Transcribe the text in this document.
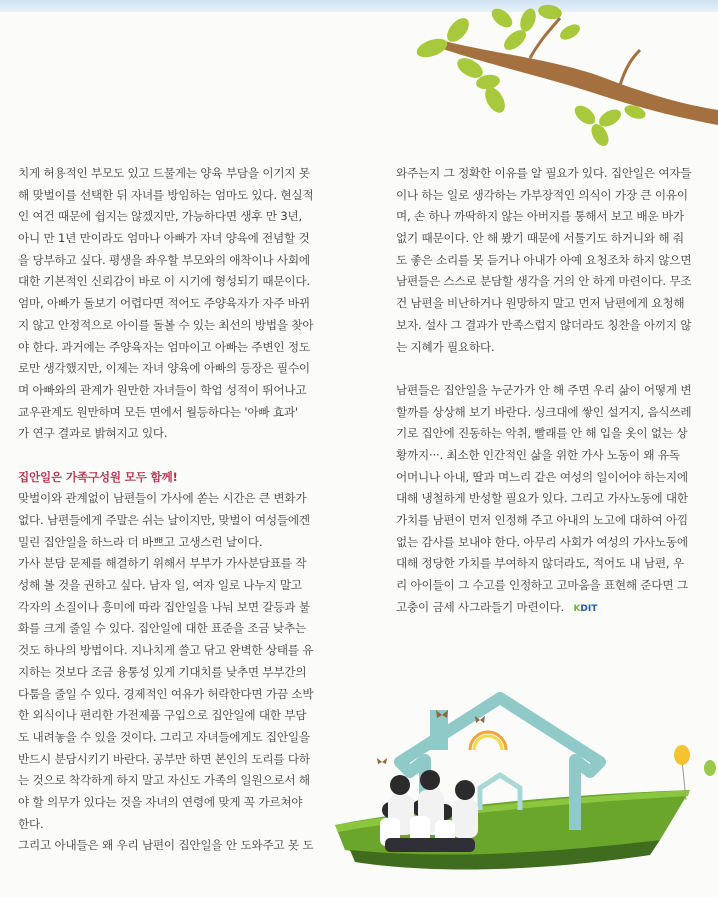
치게 허용적인 부모도 있고 드물게는 양육 부담을 이기지 못
해 맞벌이를 선택한 뒤 자녀를 방임하는 엄마도 있다. 현실적
인 여건 때문에 쉽지는 않겠지만, 가능하다면 생후 만 3년,
아니 만 1년 만이라도 엄마나 아빠가 자녀 양육에 전념할 것
을 당부하고 싶다. 평생을 좌우할 부모와의 애착이나 사회에
대한 기본적인 신뢰감이 바로 이 시기에 형성되기 때문이다.
엄마, 아빠가 돌보기 어렵다면 적어도 주양육자가 자주 바뀌
지 않고 안정적으로 아이를 돌볼 수 있는 최선의 방법을 찾아
야 한다. 과거에는 주양육자는 엄마이고 아빠는 주변인 정도
로만 생각했지만, 이제는 자녀 양육에 아빠의 등장은 필수이
며 아빠와의 관계가 원만한 자녀들이 학업 성적이 뛰어나고
교우관계도 원만하며 모든 면에서 월등하다는 '아빠 효과'
가 연구 결과로 밝혀지고 있다.
집안일은 가족구성원 모두 함께!
맞벌이와 관계없이 남편들이 가사에 쏟는 시간은 큰 변화가
없다. 남편들에게 주말은 쉬는 날이지만, 맞벌이 여성들에겐
밀린 집안일을 하느라 더 바쁘고 고생스런 날이다.
가사 분담 문제를 해결하기 위해서 부부가 가사분담표를 작
성해 볼 것을 권하고 싶다. 남자 일, 여자 일로 나누지 말고
각자의 소질이나 흥미에 따라 집안일을 나눠 보면 갈등과 불
화를 크게 줄일 수 있다. 집안일에 대한 표준을 조금 낮추는
것도 하나의 방법이다. 지나치게 쓸고 닦고 완벽한 상태를 유
지하는 것보다 조금 융통성 있게 기대치를 낮추면 부부간의
다툼을 줄일 수 있다. 경제적인 여유가 허락한다면 가끔 소박
한 외식이나 편리한 가전제품 구입으로 집안일에 대한 부담
도 내려놓을 수 있을 것이다. 그리고 자녀들에게도 집안일을
반드시 분담시키기 바란다. 공부만 하면 본인의 도리를 다하
는 것으로 착각하게 하지 말고 자신도 가족의 일원으로서 해
야 할 의무가 있다는 것을 자녀의 연령에 맞게 꼭 가르쳐야
한다.
그리고 아내들은 왜 우리 남편이 집안일을 안 도와주고 못 도
와주는지 그 정확한 이유를 알 필요가 있다. 집안일은 여자들
이나 하는 일로 생각하는 가부장적인 의식이 가장 큰 이유이
며, 손 하나 까딱하지 않는 아버지를 통해서 보고 배운 바가
없기 때문이다. 안 해 봤기 때문에 서툴기도 하거니와 해 줘
도 좋은 소리를 못 듣거나 아내가 아예 요청조차 하지 않으면
남편들은 스스로 분담할 생각을 거의 안 하게 마련이다. 무조
건 남편을 비난하거나 원망하지 말고 먼저 남편에게 요청해
보자. 설사 그 결과가 만족스럽지 않더라도 칭찬을 아끼지 않
는 지혜가 필요하다.
남편들은 집안일을 누군가가 안 해 주면 우리 삶이 어떻게 변
할까를 상상해 보기 바란다. 싱크대에 쌓인 설거지, 음식쓰레
기로 집안에 진동하는 악취, 빨래를 안 해 입을 옷이 없는 상
황까지···. 최소한 인간적인 삶을 위한 가사 노동이 왜 유독
어머니나 아내, 딸과 며느리 같은 여성의 일이어야 하는지에
대해 냉철하게 반성할 필요가 있다. 그리고 가사노동에 대한
가치를 남편이 먼저 인정해 주고 아내의 노고에 대하여 아낌
없는 감사를 보내야 한다. 아무리 사회가 여성의 가사노동에
대해 정당한 가치를 부여하지 않더라도, 적어도 내 남편, 우
리 아이들이 그 수고를 인정하고 고마움을 표현해 준다면 그
고충이 금세 사그라들기 마련이다. KDIT
